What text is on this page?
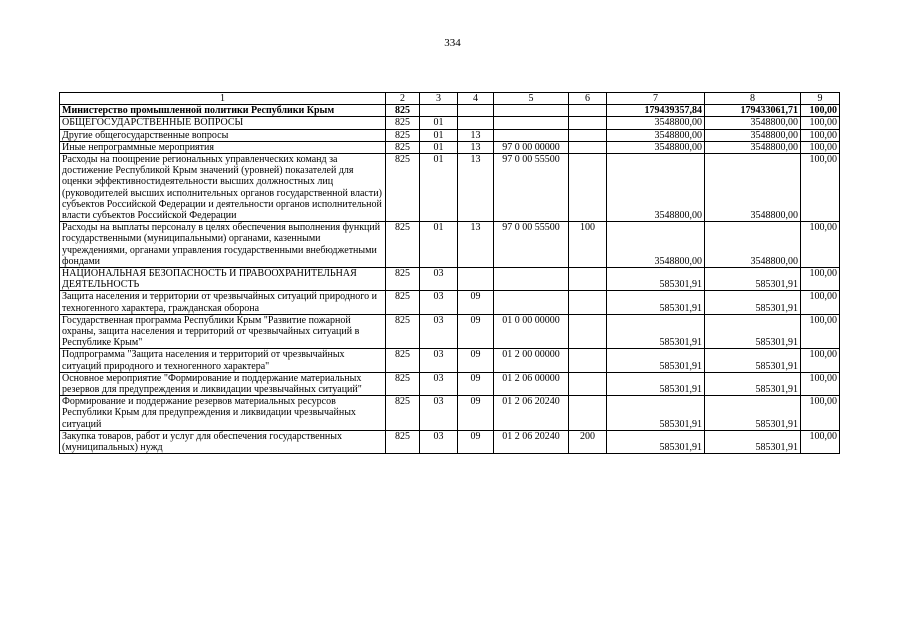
334
1	2	3	4	5	6	7	8	9
Министерство промышленной политики Республики Крым	825					179439357,84	179433061,71	100,00
ОБЩЕГОСУДАРСТВЕННЫЕ ВОПРОСЫ	825	01				3548800,00	3548800,00	100,00
Другие общегосударственные вопросы	825	01	13			3548800,00	3548800,00	100,00
Иные непрограммные мероприятия	825	01	13	97 0 00 00000		3548800,00	3548800,00	100,00
Расходы на поощрение региональных управленческих команд за достижение Республикой Крым значений (уровней) показателей для оценки эффективностидеятельности высших должностных лиц (руководителей высших исполнительных органов государственной власти) субъектов Российской Федерации и деятельности органов исполнительной власти субъектов Российской Федерации	825	01	13	97 0 00 55500		3548800,00	3548800,00	100,00
Расходы на выплаты персоналу в целях обеспечения выполнения функций государственными (муниципальными) органами, казенными учреждениями, органами управления государственными внебюджетными фондами	825	01	13	97 0 00 55500	100	3548800,00	3548800,00	100,00
НАЦИОНАЛЬНАЯ БЕЗОПАСНОСТЬ И ПРАВООХРАНИТЕЛЬНАЯ ДЕЯТЕЛЬНОСТЬ	825	03				585301,91	585301,91	100,00
Защита населения и территории от чрезвычайных ситуаций природного и техногенного характера, гражданская оборона	825	03	09			585301,91	585301,91	100,00
Государственная программа Республики Крым "Развитие пожарной охраны, защита населения и территорий от чрезвычайных ситуаций в Республике Крым"	825	03	09	01 0 00 00000		585301,91	585301,91	100,00
Подпрограмма "Защита населения и территорий от чрезвычайных ситуаций природного и техногенного характера"	825	03	09	01 2 00 00000		585301,91	585301,91	100,00
Основное мероприятие "Формирование и поддержание материальных резервов для предупреждения и ликвидации чрезвычайных ситуаций"	825	03	09	01 2 06 00000		585301,91	585301,91	100,00
Формирование и поддержание резервов материальных ресурсов Республики Крым для предупреждения и ликвидации чрезвычайных ситуаций	825	03	09	01 2 06 20240		585301,91	585301,91	100,00
Закупка товаров, работ и услуг для обеспечения государственных (муниципальных) нужд	825	03	09	01 2 06 20240	200	585301,91	585301,91	100,00
